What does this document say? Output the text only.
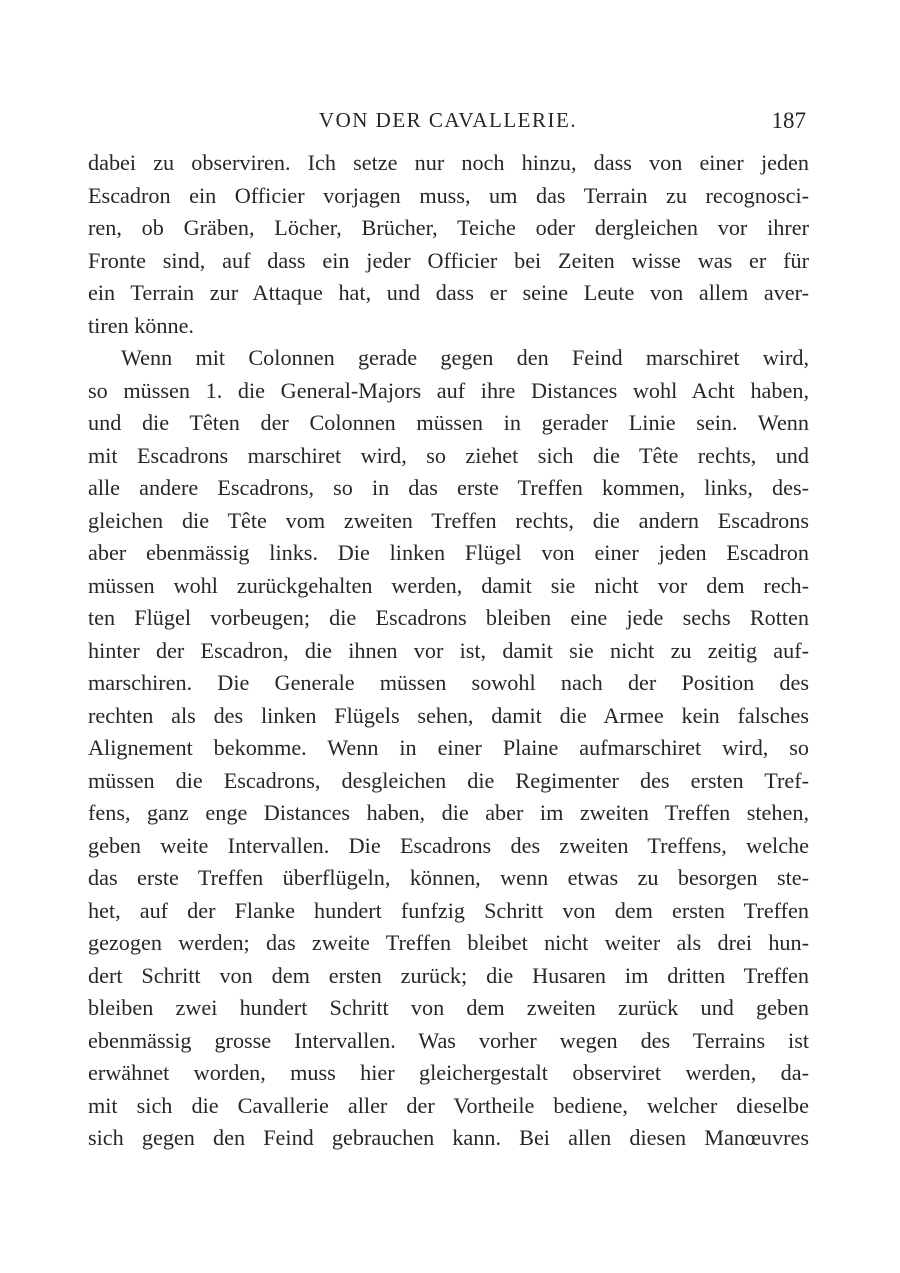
VON DER CAVALLERIE.	187
dabei zu observiren. Ich setze nur noch hinzu, dass von einer jeden
Escadron ein Officier vorjagen muss, um das Terrain zu recognosci-
ren, ob Gräben, Löcher, Brücher, Teiche oder dergleichen vor ihrer
Fronte sind, auf dass ein jeder Officier bei Zeiten wisse was er für
ein Terrain zur Attaque hat, und dass er seine Leute von allem aver-
tiren könne.
Wenn mit Colonnen gerade gegen den Feind marschiret wird,
so müssen 1. die General-Majors auf ihre Distances wohl Acht haben,
und die Têten der Colonnen müssen in gerader Linie sein. Wenn
mit Escadrons marschiret wird, so ziehet sich die Tête rechts, und
alle andere Escadrons, so in das erste Treffen kommen, links, des-
gleichen die Tête vom zweiten Treffen rechts, die andern Escadrons
aber ebenmässig links. Die linken Flügel von einer jeden Escadron
müssen wohl zurückgehalten werden, damit sie nicht vor dem rech-
ten Flügel vorbeugen; die Escadrons bleiben eine jede sechs Rotten
hinter der Escadron, die ihnen vor ist, damit sie nicht zu zeitig auf-
marschiren. Die Generale müssen sowohl nach der Position des
rechten als des linken Flügels sehen, damit die Armee kein falsches
Alignement bekomme. Wenn in einer Plaine aufmarschiret wird, so
müssen die Escadrons, desgleichen die Regimenter des ersten Tref-
fens, ganz enge Distances haben, die aber im zweiten Treffen stehen,
geben weite Intervallen. Die Escadrons des zweiten Treffens, welche
das erste Treffen überflügeln, können, wenn etwas zu besorgen ste-
het, auf der Flanke hundert funfzig Schritt von dem ersten Treffen
gezogen werden; das zweite Treffen bleibet nicht weiter als drei hun-
dert Schritt von dem ersten zurück; die Husaren im dritten Treffen
bleiben zwei hundert Schritt von dem zweiten zurück und geben
ebenmässig grosse Intervallen. Was vorher wegen des Terrains ist
erwähnet worden, muss hier gleichergestalt observiret werden, da-
mit sich die Cavallerie aller der Vortheile bediene, welcher dieselbe
sich gegen den Feind gebrauchen kann. Bei allen diesen Manœuvres
